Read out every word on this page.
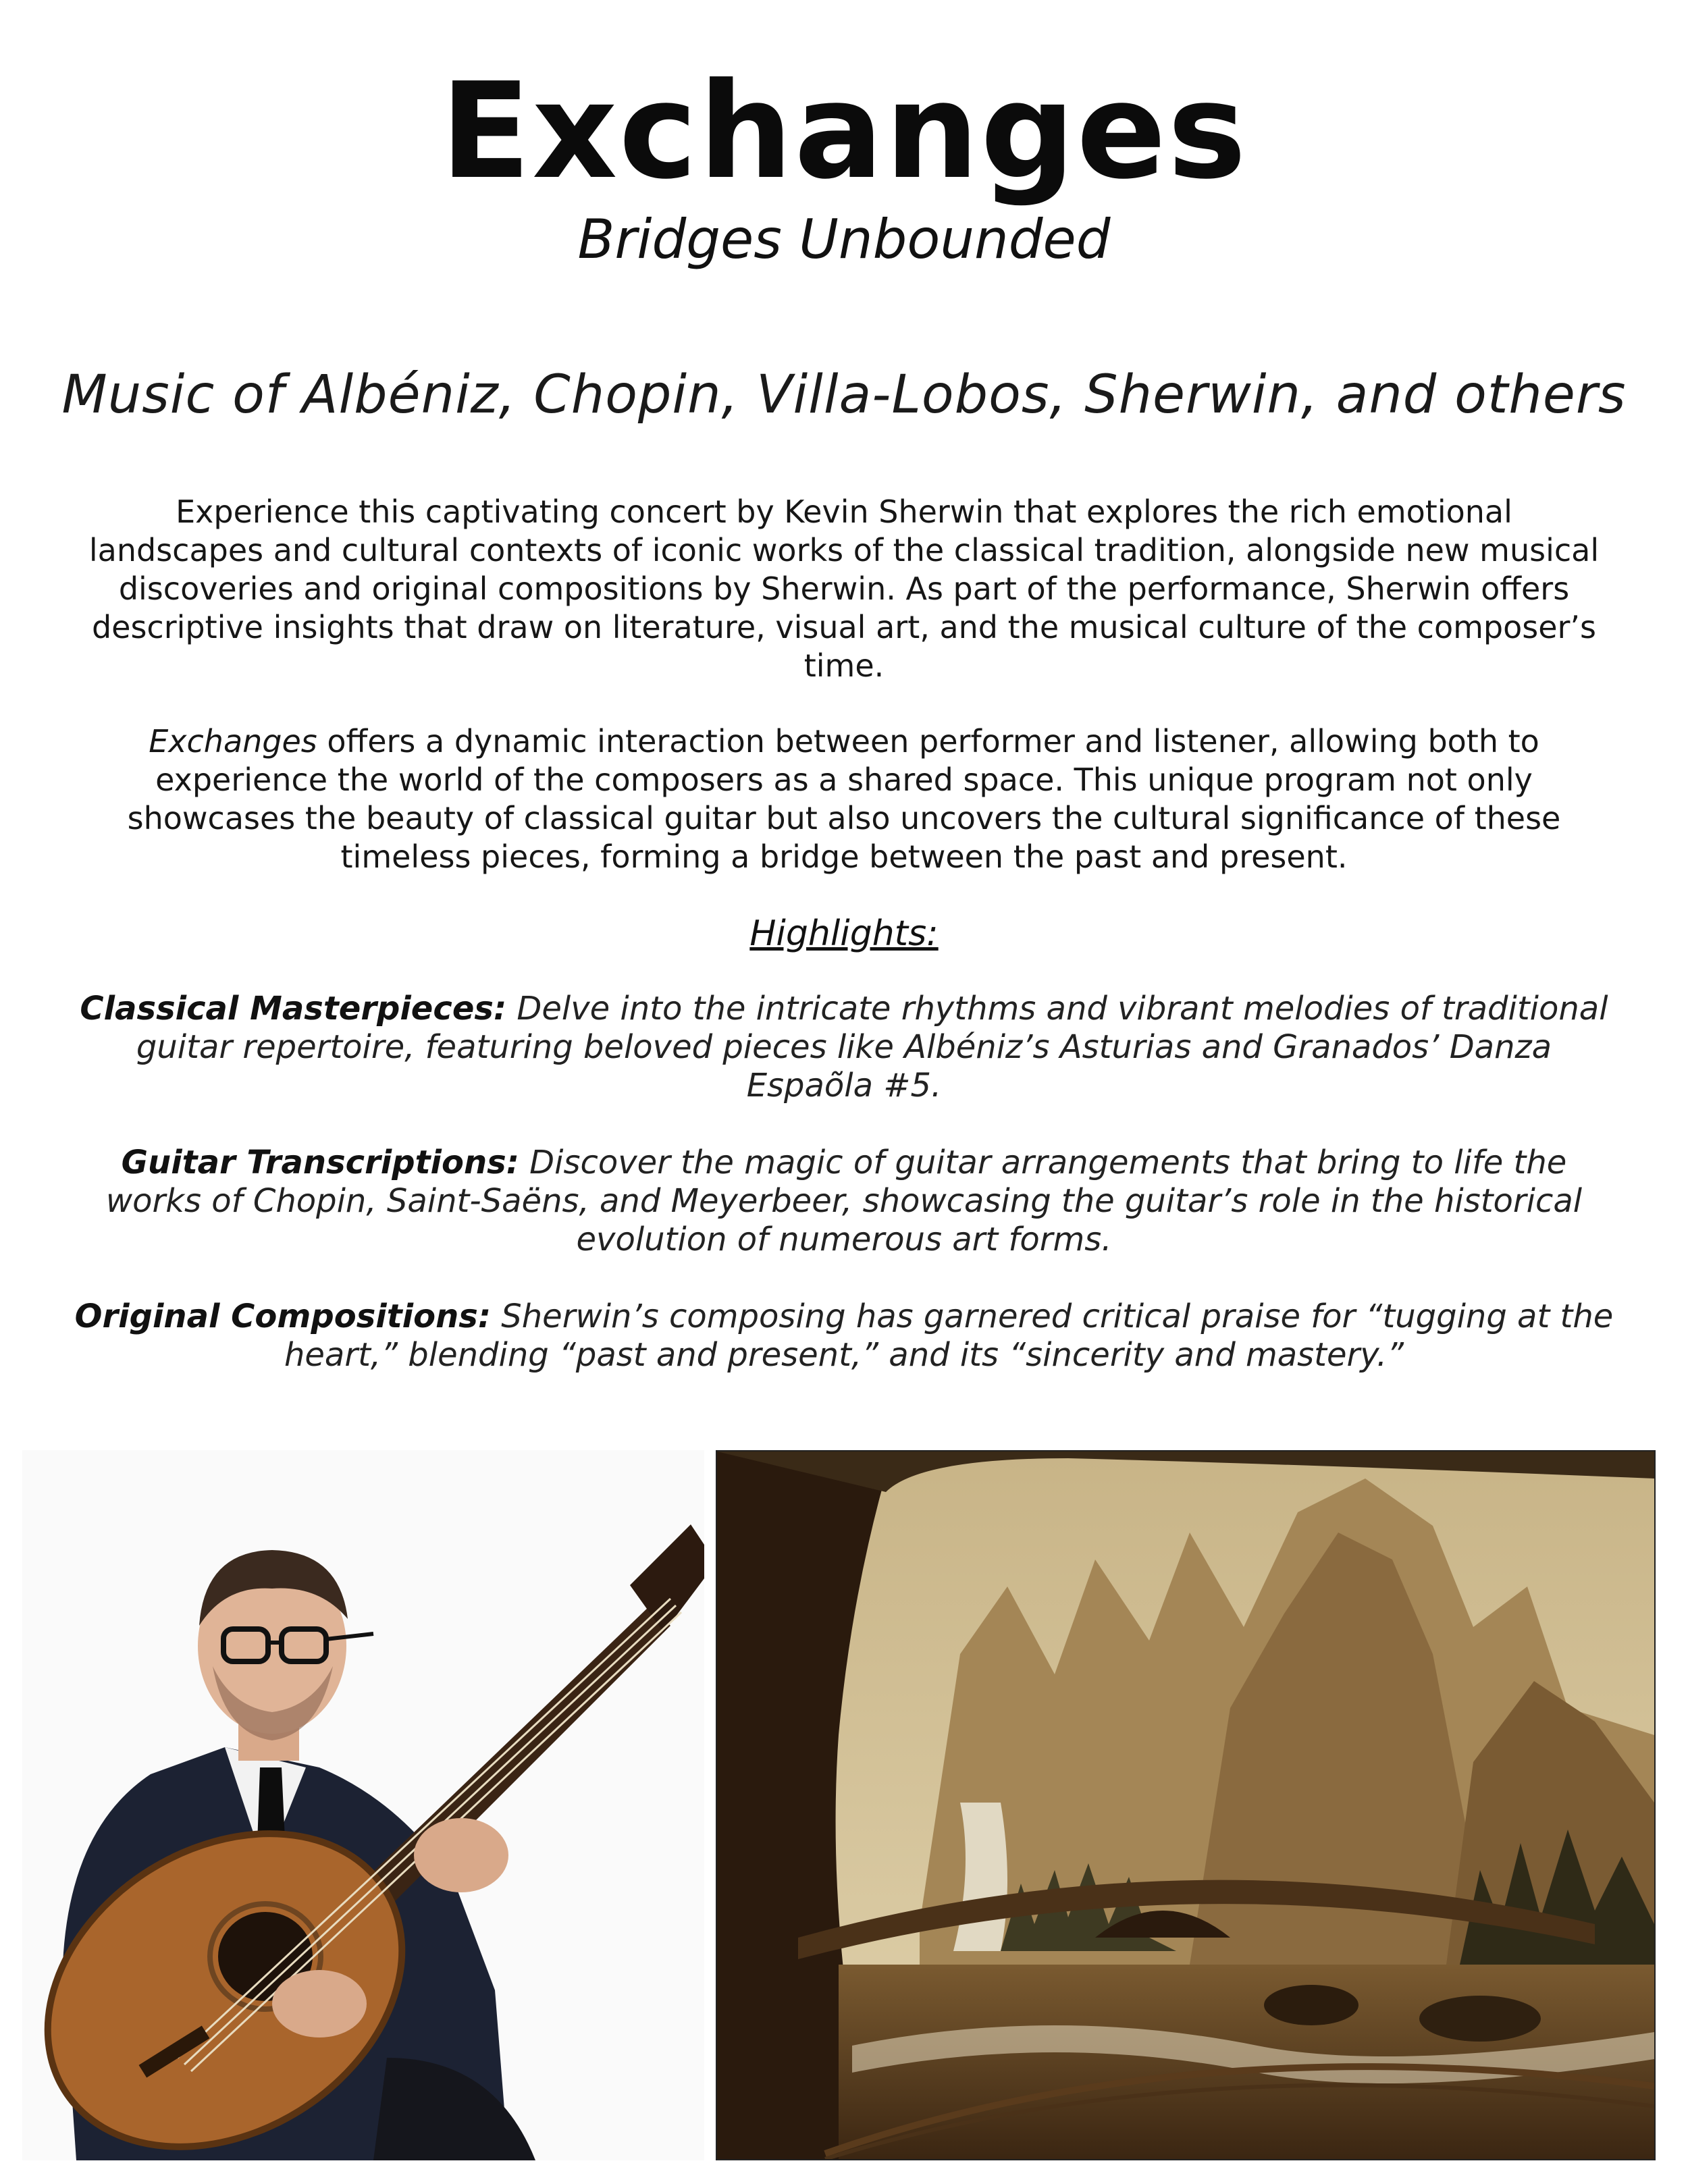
Exchanges
Bridges Unbounded
Music of Albéniz, Chopin, Villa-Lobos, Sherwin, and others
Experience this captivating concert by Kevin Sherwin that explores the rich emotional landscapes and cultural contexts of iconic works of the classical tradition, alongside new musical discoveries and original compositions by Sherwin. As part of the performance, Sherwin offers descriptive insights that draw on literature, visual art, and the musical culture of the composer’s time.
Exchanges offers a dynamic interaction between performer and listener, allowing both to experience the world of the composers as a shared space. This unique program not only showcases the beauty of classical guitar but also uncovers the cultural significance of these timeless pieces, forming a bridge between the past and present.
Highlights:
Classical Masterpieces: Delve into the intricate rhythms and vibrant melodies of traditional guitar repertoire, featuring beloved pieces like Albéniz’s Asturias and Granados’ Danza Espaõla #5.
Guitar Transcriptions: Discover the magic of guitar arrangements that bring to life the works of Chopin, Saint-Saëns, and Meyerbeer, showcasing the guitar’s role in the historical evolution of numerous art forms.
Original Compositions: Sherwin’s composing has garnered critical praise for “tugging at the heart,” blending “past and present,” and its “sincerity and mastery.”
